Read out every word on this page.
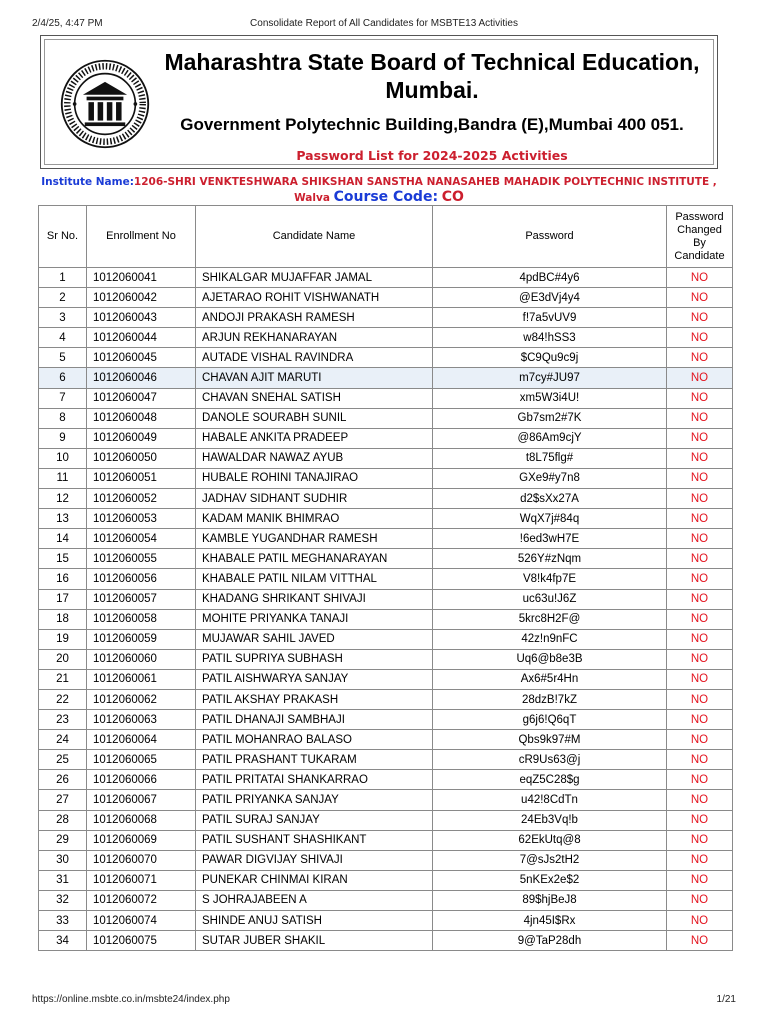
2/4/25, 4:47 PM	Consolidate Report of All Candidates for MSBTE13 Activities
Maharashtra State Board of Technical Education,
Mumbai.
Government Polytechnic Building,Bandra (E),Mumbai 400 051.
Password List for 2024-2025 Activities
Institute Name:1206-SHRI VENKTESHWARA SHIKSHAN SANSTHA NANASAHEB MAHADIK POLYTECHNIC INSTITUTE , Walva Course Code: CO
Sr No.	Enrollment No	Candidate Name	Password	Password
Changed
By
Candidate

1	1012060041	SHIKALGAR MUJAFFAR JAMAL	4pdBC#4y6	NO
2	1012060042	AJETARAO ROHIT VISHWANATH	@E3dVj4y4	NO
3	1012060043	ANDOJI PRAKASH RAMESH	f!7a5vUV9	NO
4	1012060044	ARJUN REKHANARAYAN	w84!hSS3	NO
5	1012060045	AUTADE VISHAL RAVINDRA	$C9Qu9c9j	NO
6	1012060046	CHAVAN AJIT MARUTI	m7cy#JU97	NO
7	1012060047	CHAVAN SNEHAL SATISH	xm5W3i4U!	NO
8	1012060048	DANOLE SOURABH SUNIL	Gb7sm2#7K	NO
9	1012060049	HABALE ANKITA PRADEEP	@86Am9cjY	NO
10	1012060050	HAWALDAR NAWAZ AYUB	t8L75flg#	NO
11	1012060051	HUBALE ROHINI TANAJIRAO	GXe9#y7n8	NO
12	1012060052	JADHAV SIDHANT SUDHIR	d2$sXx27A	NO
13	1012060053	KADAM MANIK BHIMRAO	WqX7j#84q	NO
14	1012060054	KAMBLE YUGANDHAR RAMESH	!6ed3wH7E	NO
15	1012060055	KHABALE PATIL MEGHANARAYAN	526Y#zNqm	NO
16	1012060056	KHABALE PATIL NILAM VITTHAL	V8!k4fp7E	NO
17	1012060057	KHADANG SHRIKANT SHIVAJI	uc63u!J6Z	NO
18	1012060058	MOHITE PRIYANKA TANAJI	5krc8H2F@	NO
19	1012060059	MUJAWAR SAHIL JAVED	42z!n9nFC	NO
20	1012060060	PATIL SUPRIYA SUBHASH	Uq6@b8e3B	NO
21	1012060061	PATIL AISHWARYA SANJAY	Ax6#5r4Hn	NO
22	1012060062	PATIL AKSHAY PRAKASH	28dzB!7kZ	NO
23	1012060063	PATIL DHANAJI SAMBHAJI	g6j6!Q6qT	NO
24	1012060064	PATIL MOHANRAO BALASO	Qbs9k97#M	NO
25	1012060065	PATIL PRASHANT TUKARAM	cR9Us63@j	NO
26	1012060066	PATIL PRITATAI SHANKARRAO	eqZ5C28$g	NO
27	1012060067	PATIL PRIYANKA SANJAY	u42!8CdTn	NO
28	1012060068	PATIL SURAJ SANJAY	24Eb3Vq!b	NO
29	1012060069	PATIL SUSHANT SHASHIKANT	62EkUtq@8	NO
30	1012060070	PAWAR DIGVIJAY SHIVAJI	7@sJs2tH2	NO
31	1012060071	PUNEKAR CHINMAI KIRAN	5nKEx2e$2	NO
32	1012060072	S JOHRAJABEEN A	89$hjBeJ8	NO
33	1012060074	SHINDE ANUJ SATISH	4jn45I$Rx	NO
34	1012060075	SUTAR JUBER SHAKIL	9@TaP28dh	NO
https://online.msbte.co.in/msbte24/index.php	1/21
